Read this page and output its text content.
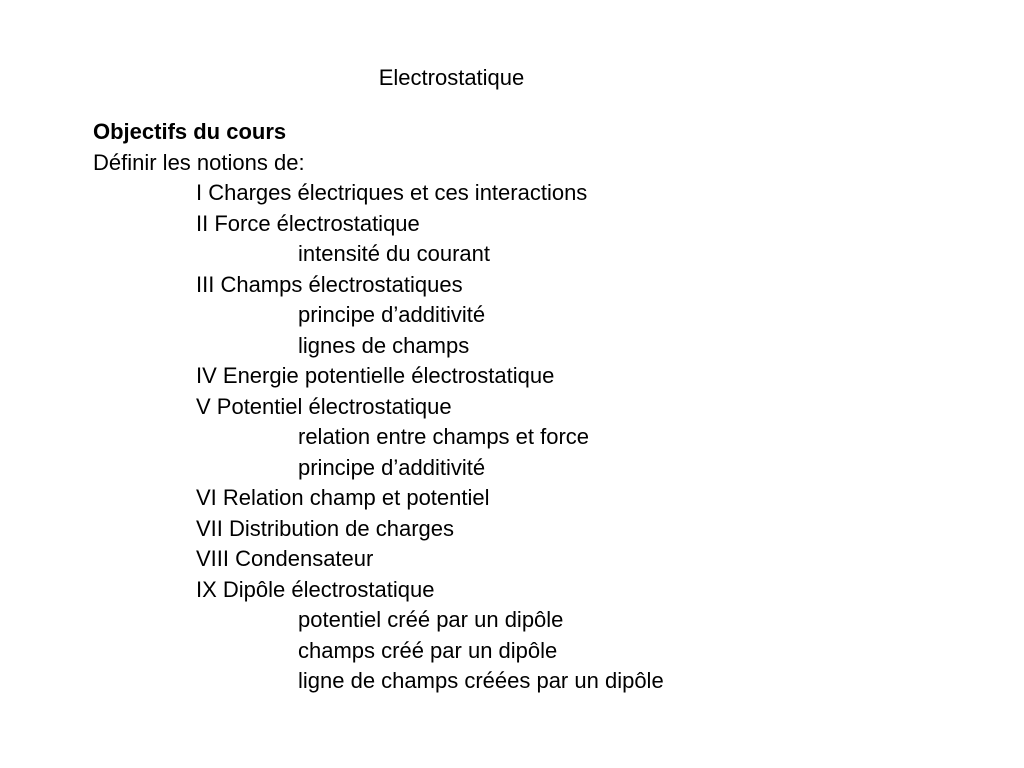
Electrostatique
Objectifs du cours
Définir les notions de:
I Charges électriques et ces interactions
II Force électrostatique
intensité du courant
III Champs électrostatiques
principe d’additivité
lignes de champs
IV Energie potentielle électrostatique
V Potentiel électrostatique
relation entre champs et force
principe d’additivité
VI Relation champ et potentiel
VII Distribution de charges
VIII Condensateur
IX Dipôle électrostatique
potentiel créé par un dipôle
champs créé par un dipôle
ligne de champs créées par un dipôle
